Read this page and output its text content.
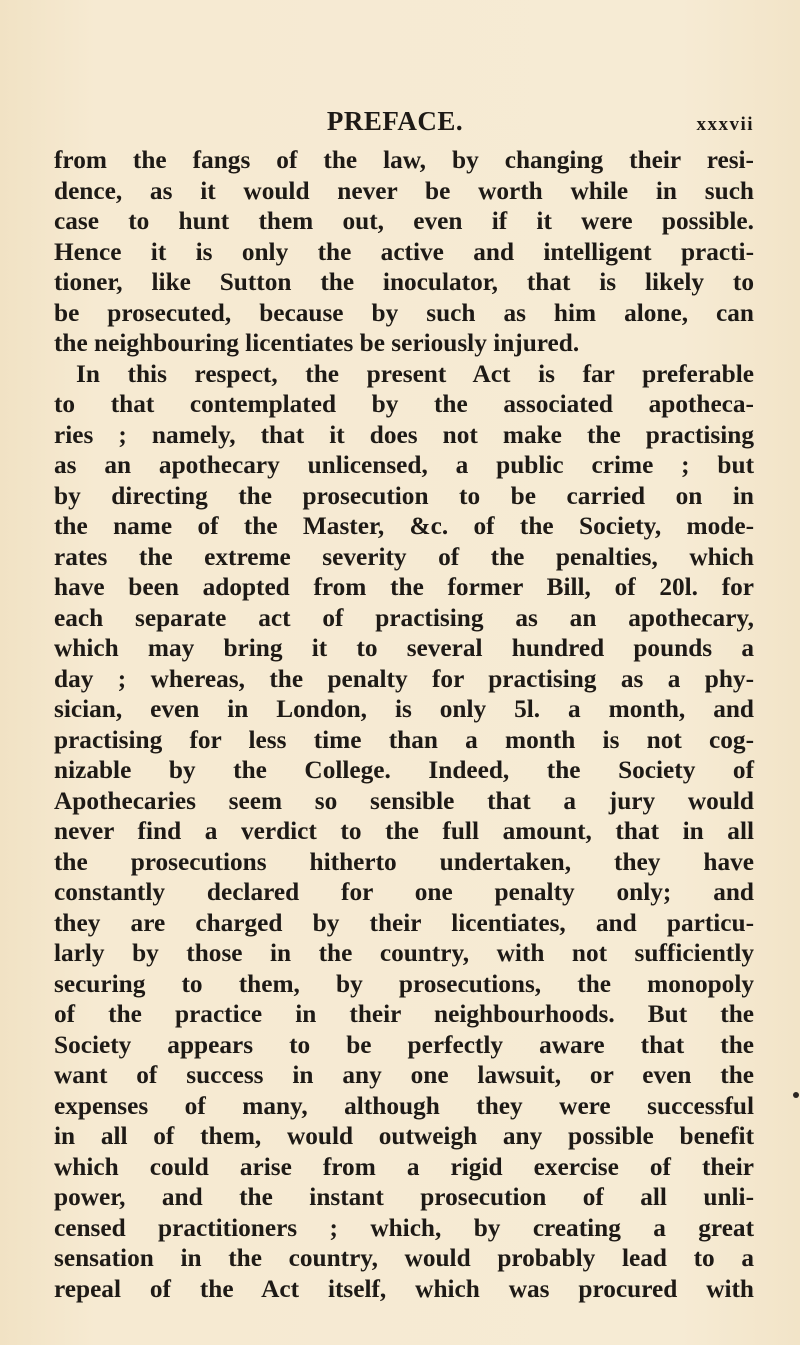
PREFACE.	xxxvii
from the fangs of the law, by changing their resi-
dence, as it would never be worth while in such
case to hunt them out, even if it were possible.
Hence it is only the active and intelligent practi-
tioner, like Sutton the inoculator, that is likely to
be prosecuted, because by such as him alone, can
the neighbouring licentiates be seriously injured.
In this respect, the present Act is far preferable
to that contemplated by the associated apotheca-
ries ; namely, that it does not make the practising
as an apothecary unlicensed, a public crime ; but
by directing the prosecution to be carried on in
the name of the Master, &c. of the Society, mode-
rates the extreme severity of the penalties, which
have been adopted from the former Bill, of 20l. for
each separate act of practising as an apothecary,
which may bring it to several hundred pounds a
day ; whereas, the penalty for practising as a phy-
sician, even in London, is only 5l. a month, and
practising for less time than a month is not cog-
nizable by the College. Indeed, the Society of
Apothecaries seem so sensible that a jury would
never find a verdict to the full amount, that in all
the prosecutions hitherto undertaken, they have
constantly declared for one penalty only; and
they are charged by their licentiates, and particu-
larly by those in the country, with not sufficiently
securing to them, by prosecutions, the monopoly
of the practice in their neighbourhoods. But the
Society appears to be perfectly aware that the
want of success in any one lawsuit, or even the
expenses of many, although they were successful
in all of them, would outweigh any possible benefit
which could arise from a rigid exercise of their
power, and the instant prosecution of all unli-
censed practitioners ; which, by creating a great
sensation in the country, would probably lead to a
repeal of the Act itself, which was procured with
